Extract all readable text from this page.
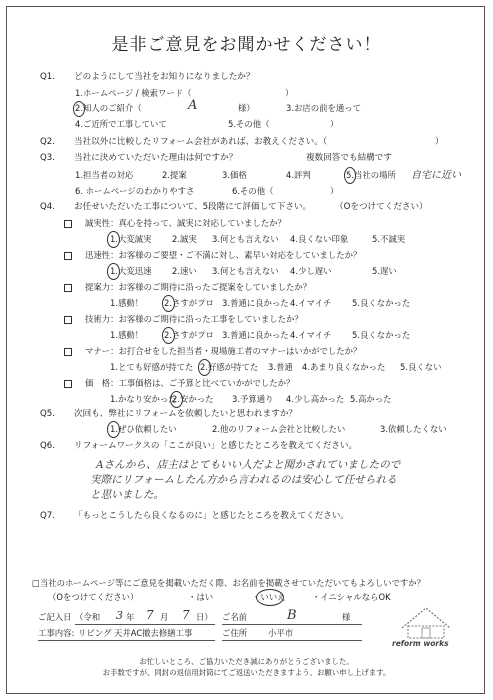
是非ご意見をお聞かせください！
Q1. どのようにして当社をお知りになりましたか？
1.ホームページ / 検索ワード（	）
2.知人のご紹介（	A	様）	3.お店の前を通って
4.ご近所で工事していて	5.その他（	）
Q2. 当社以外に比較したリフォーム会社があれば、お教えください。（	）
Q3. 当社に決めていただいた理由は何ですか？	複数回答でも結構です
1.担当者の対応	2.提案	3.価格	4.評判	5.当社の場所 自宅に近い
6. ホームページのわかりやすさ	6.その他（	）
Q4. お任せいただいた工事について、5段階にて評価して下さい。	（Oをつけてください）
誠実性：真心を持って、誠実に対応していましたか？
1.大変誠実 2.誠実 3.何とも言えない 4.良くない印象	5.不誠実
迅速性：お客様のご要望・ご不満に対し、素早い対応をしていましたか？
1.大変迅速 2.速い 3.何とも言えない 4.少し遅い	5.遅い
提案力：お客様のご期待に沿ったご提案をしていましたか？
1.感動！ 2.さすがプロ 3.普通に良かった 4.イマイチ 5.良くなかった
技術力：お客様のご期待に沿った工事をしていましたか？
1.感動！ 2.さすがプロ 3.普通に良かった 4.イマイチ 5.良くなかった
マナー：お打合せをした担当者・現場施工者のマナーはいかがでしたか？
1.とても好感が持てた 2.好感が持てた 3.普通 4.あまり良くなかった 5.良くない
価　格：工事価格は、ご予算と比べていかがでしたか？
1.かなり安かった
2.安かった 3.予算通り 4.少し高かった 5.高かった
Q5. 次回も、弊社にリフォームを依頼したいと思われますか？
1.ぜひ依頼したい	2.他のリフォーム会社と比較したい	3.依頼したくない
Q6. リフォームワークスの「ここが良い」と感じたところを教えてください。
Aさんから、店主はとてもいい人だよと聞かされていましたので
実際にリフォームしたん方から言われるのは安心して任せられる
と思いました。
Q7. 「もっとこうしたら良くなるのに」と感じたところを教えてください。
□当社のホームページ等にご意見を掲載いただく際、お名前を掲載させていただいてもよろしいですか？
（Oをつけてください）	・はい	・いいえ	・イニシャルならOK
ご記入日 （令和 3 年 7 月 7 日） ご名前	B	様
工事内容: リビング 天井AC撤去修繕工事	ご住所 小平市
reform works
お忙しいところ、ご協力いただき誠にありがとうございました。
お手数ですが、同封の返信用封筒にてご返送いただきますよう、お願い申し上げます。
